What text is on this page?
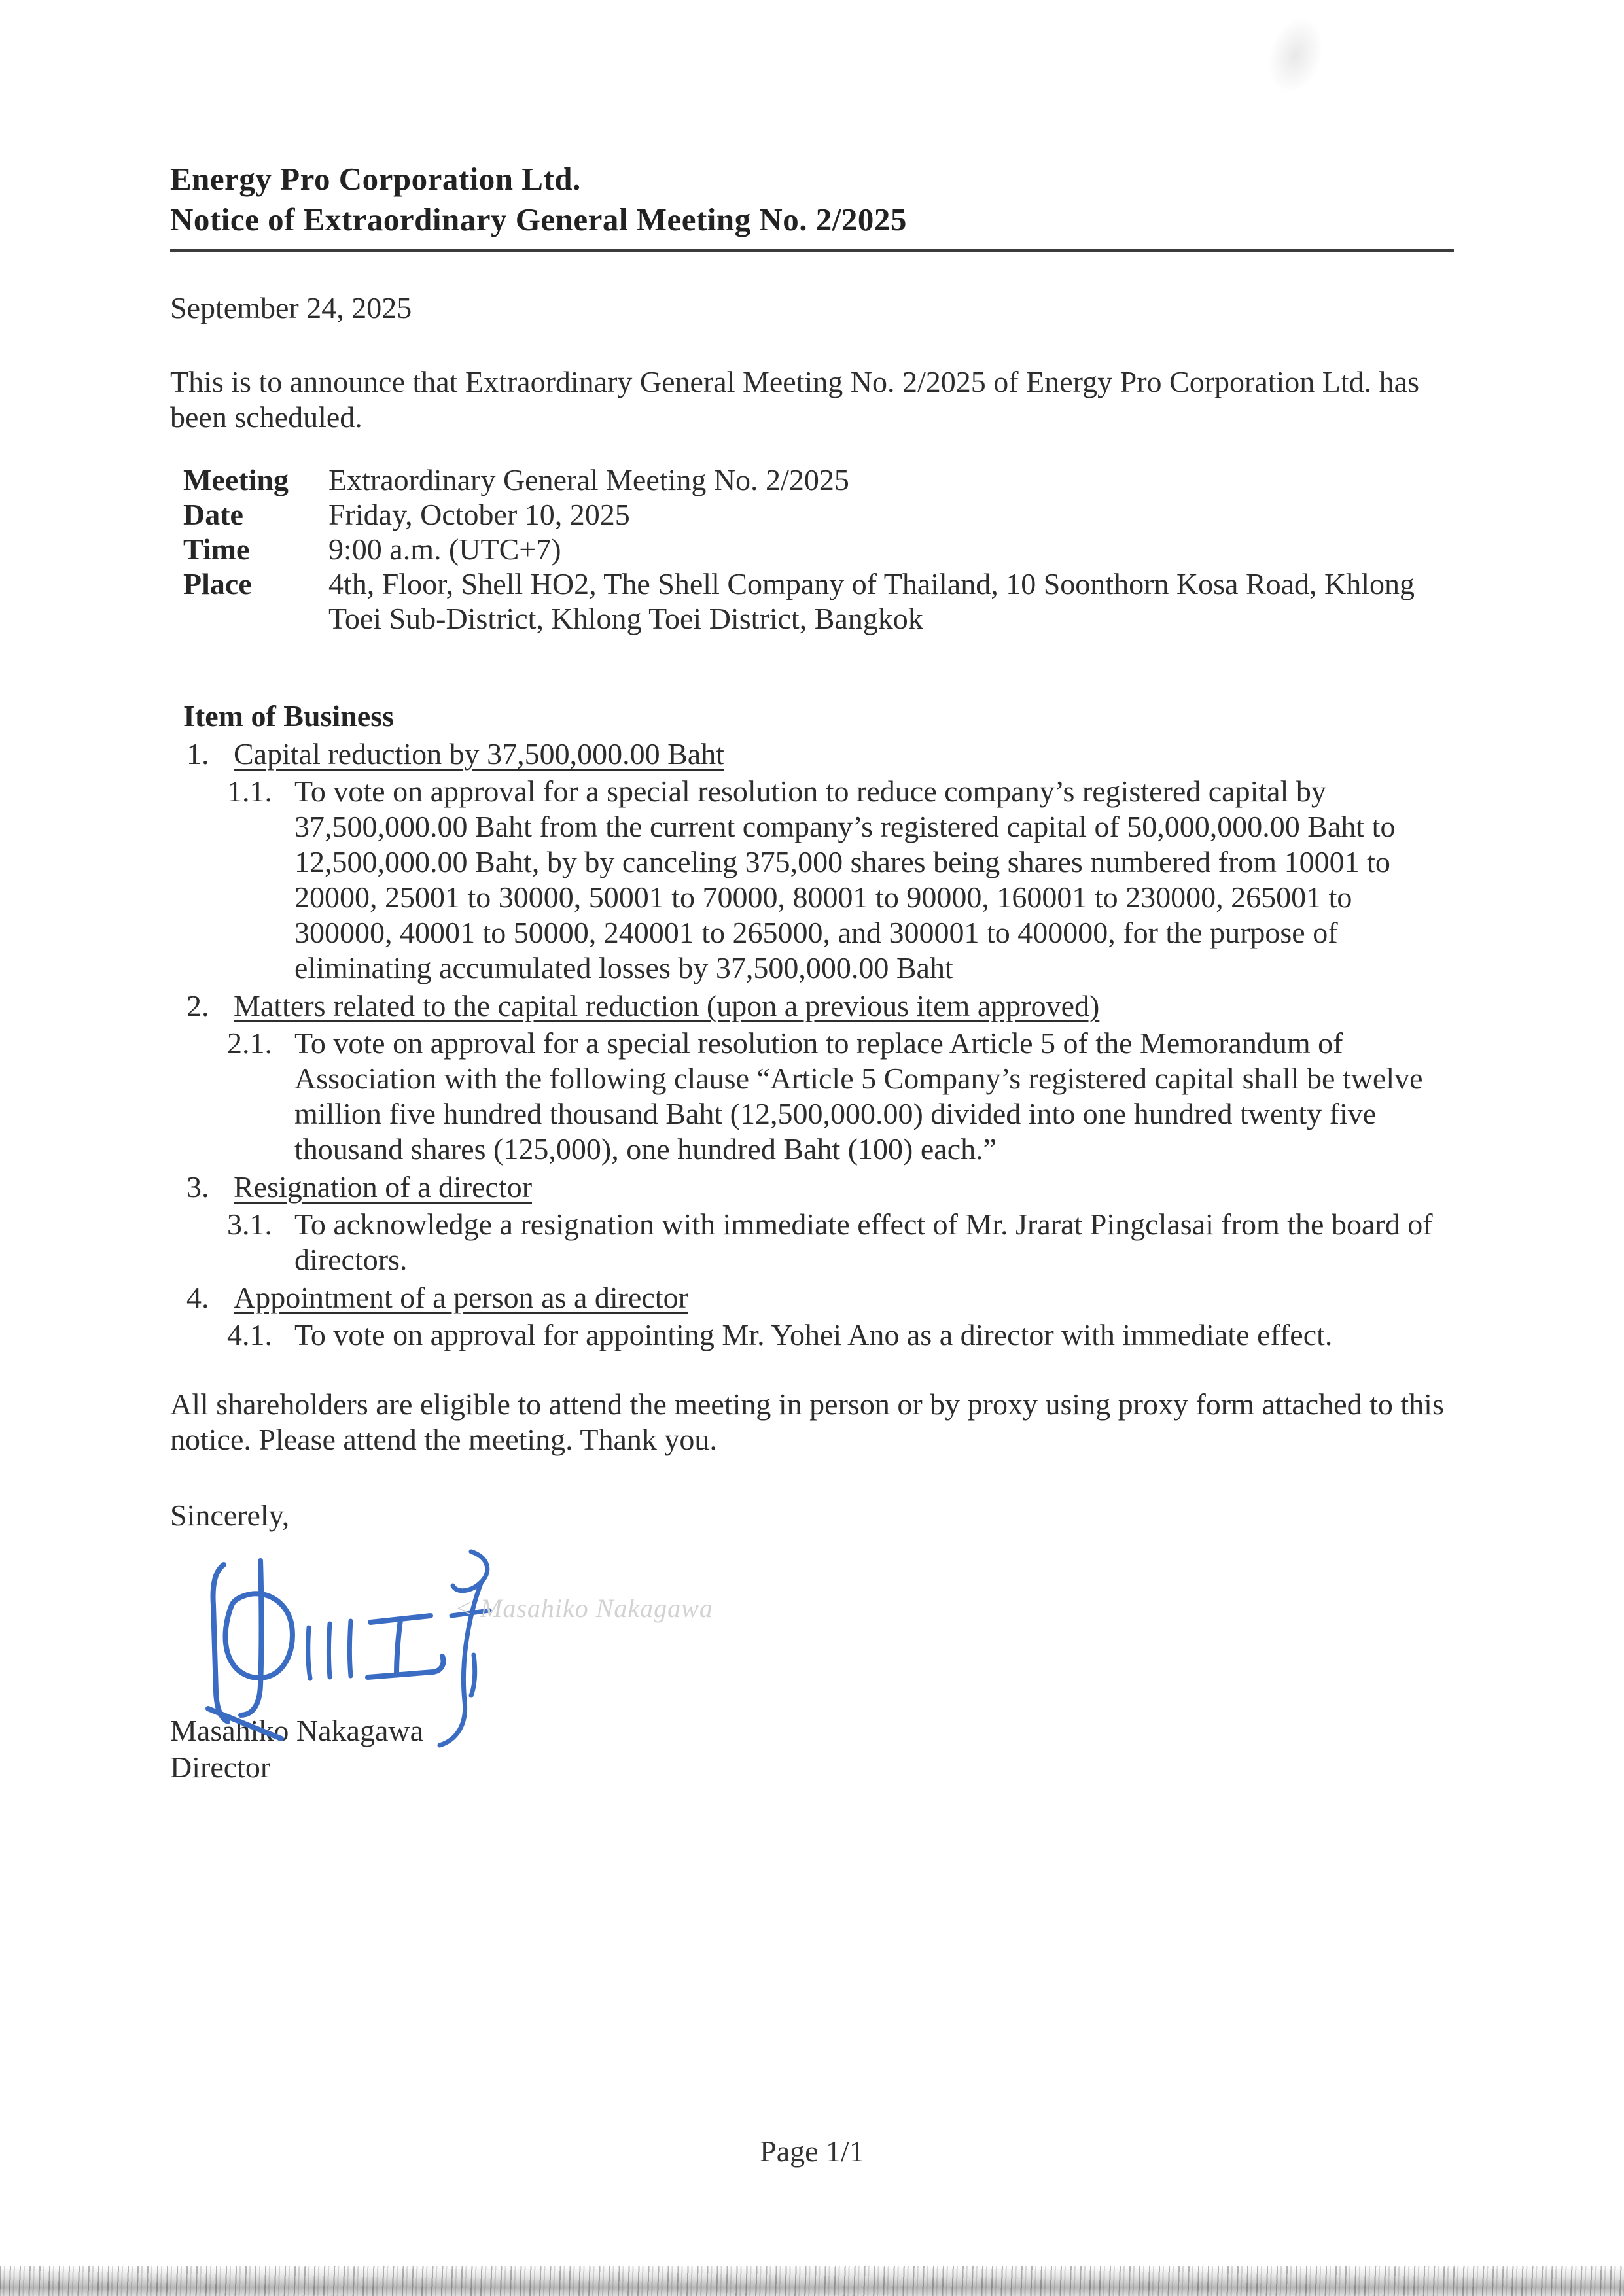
Energy Pro Corporation Ltd.
Notice of Extraordinary General Meeting No. 2/2025
September 24, 2025

This is to announce that Extraordinary General Meeting No. 2/2025 of Energy Pro Corporation Ltd. has been scheduled.

Meeting	Extraordinary General Meeting No. 2/2025
Date	Friday, October 10, 2025
Time	9:00 a.m. (UTC+7)
Place	4th, Floor, Shell HO2, The Shell Company of Thailand, 10 Soonthorn Kosa Road, Khlong Toei Sub-District, Khlong Toei District, Bangkok
Item of Business
1. Capital reduction by 37,500,000.00 Baht
1.1. To vote on approval for a special resolution to reduce company’s registered capital by 37,500,000.00 Baht from the current company’s registered capital of 50,000,000.00 Baht to 12,500,000.00 Baht, by by canceling 375,000 shares being shares numbered from 10001 to 20000, 25001 to 30000, 50001 to 70000, 80001 to 90000, 160001 to 230000, 265001 to 300000, 40001 to 50000, 240001 to 265000, and 300001 to 400000, for the purpose of eliminating accumulated losses by 37,500,000.00 Baht
2. Matters related to the capital reduction (upon a previous item approved)
2.1. To vote on approval for a special resolution to replace Article 5 of the Memorandum of Association with the following clause “Article 5 Company’s registered capital shall be twelve million five hundred thousand Baht (12,500,000.00) divided into one hundred twenty five thousand shares (125,000), one hundred Baht (100) each.”
3. Resignation of a director
3.1. To acknowledge a resignation with immediate effect of Mr. Jrarat Pingclasai from the board of directors.
4. Appointment of a person as a director
4.1. To vote on approval for appointing Mr. Yohei Ano as a director with immediate effect.

All shareholders are eligible to attend the meeting in person or by proxy using proxy form attached to this notice. Please attend the meeting. Thank you.

Sincerely,
< Masahiko Nakagawa
Masahiko Nakagawa
Director
Page 1/1
